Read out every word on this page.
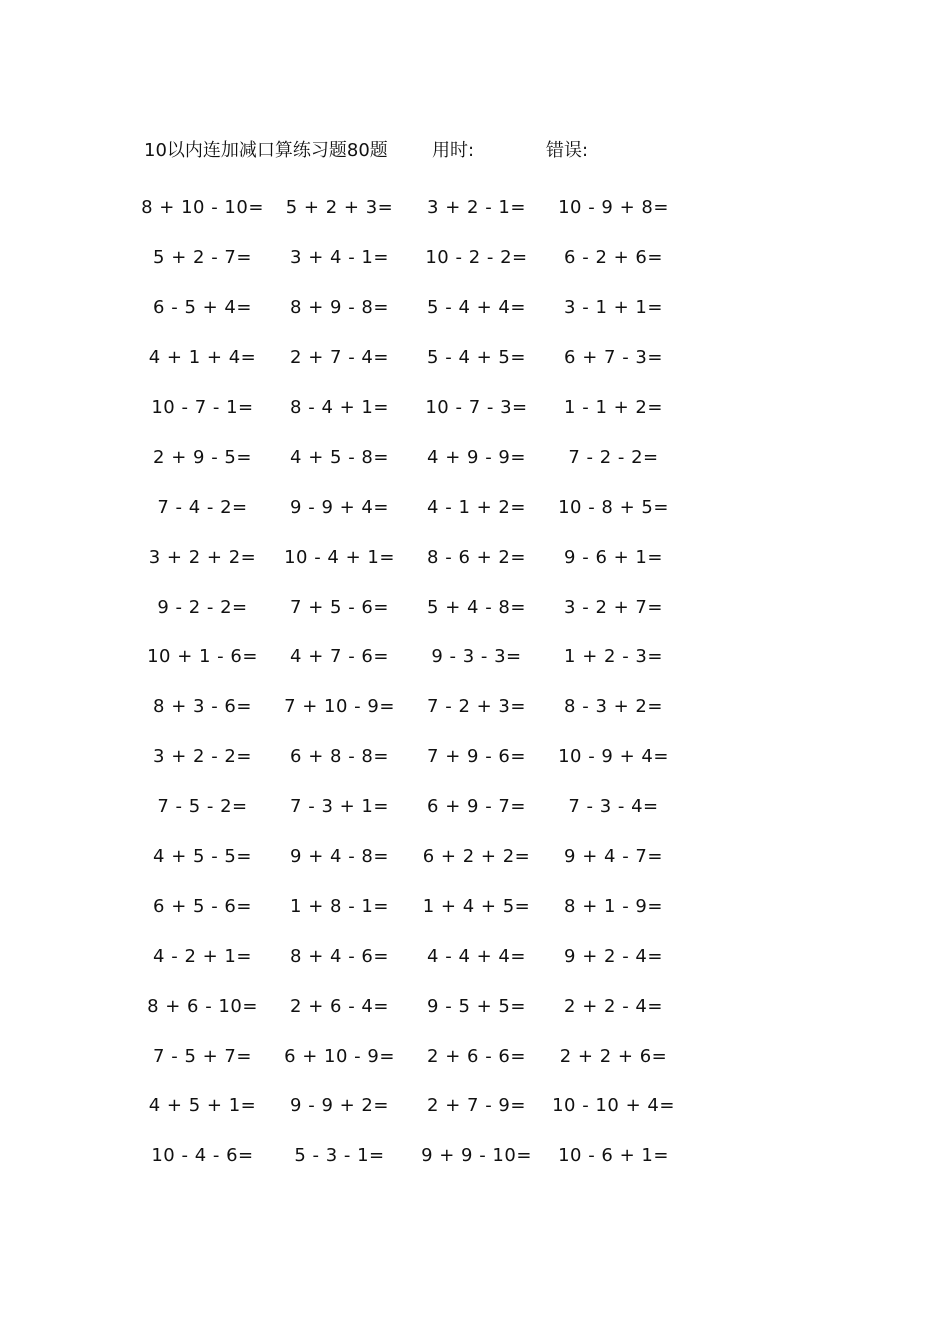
10以内连加减口算练习题80题 用时:	错误:
8 + 10 - 10=	5 + 2 + 3=	3 + 2 - 1=	10 - 9 + 8=
5 + 2 - 7=	3 + 4 - 1=	10 - 2 - 2=	6 - 2 + 6=
6 - 5 + 4=	8 + 9 - 8=	5 - 4 + 4=	3 - 1 + 1=
4 + 1 + 4=	2 + 7 - 4=	5 - 4 + 5=	6 + 7 - 3=
10 - 7 - 1=	8 - 4 + 1=	10 - 7 - 3=	1 - 1 + 2=
2 + 9 - 5=	4 + 5 - 8=	4 + 9 - 9=	7 - 2 - 2=
7 - 4 - 2=	9 - 9 + 4=	4 - 1 + 2=	10 - 8 + 5=
3 + 2 + 2=	10 - 4 + 1=	8 - 6 + 2=	9 - 6 + 1=
9 - 2 - 2=	7 + 5 - 6=	5 + 4 - 8=	3 - 2 + 7=
10 + 1 - 6=	4 + 7 - 6=	9 - 3 - 3=	1 + 2 - 3=
8 + 3 - 6=	7 + 10 - 9=	7 - 2 + 3=	8 - 3 + 2=
3 + 2 - 2=	6 + 8 - 8=	7 + 9 - 6=	10 - 9 + 4=
7 - 5 - 2=	7 - 3 + 1=	6 + 9 - 7=	7 - 3 - 4=
4 + 5 - 5=	9 + 4 - 8=	6 + 2 + 2=	9 + 4 - 7=
6 + 5 - 6=	1 + 8 - 1=	1 + 4 + 5=	8 + 1 - 9=
4 - 2 + 1=	8 + 4 - 6=	4 - 4 + 4=	9 + 2 - 4=
8 + 6 - 10=	2 + 6 - 4=	9 - 5 + 5=	2 + 2 - 4=
7 - 5 + 7=	6 + 10 - 9=	2 + 6 - 6=	2 + 2 + 6=
4 + 5 + 1=	9 - 9 + 2=	2 + 7 - 9=	10 - 10 + 4=
10 - 4 - 6=	5 - 3 - 1=	9 + 9 - 10=	10 - 6 + 1=
